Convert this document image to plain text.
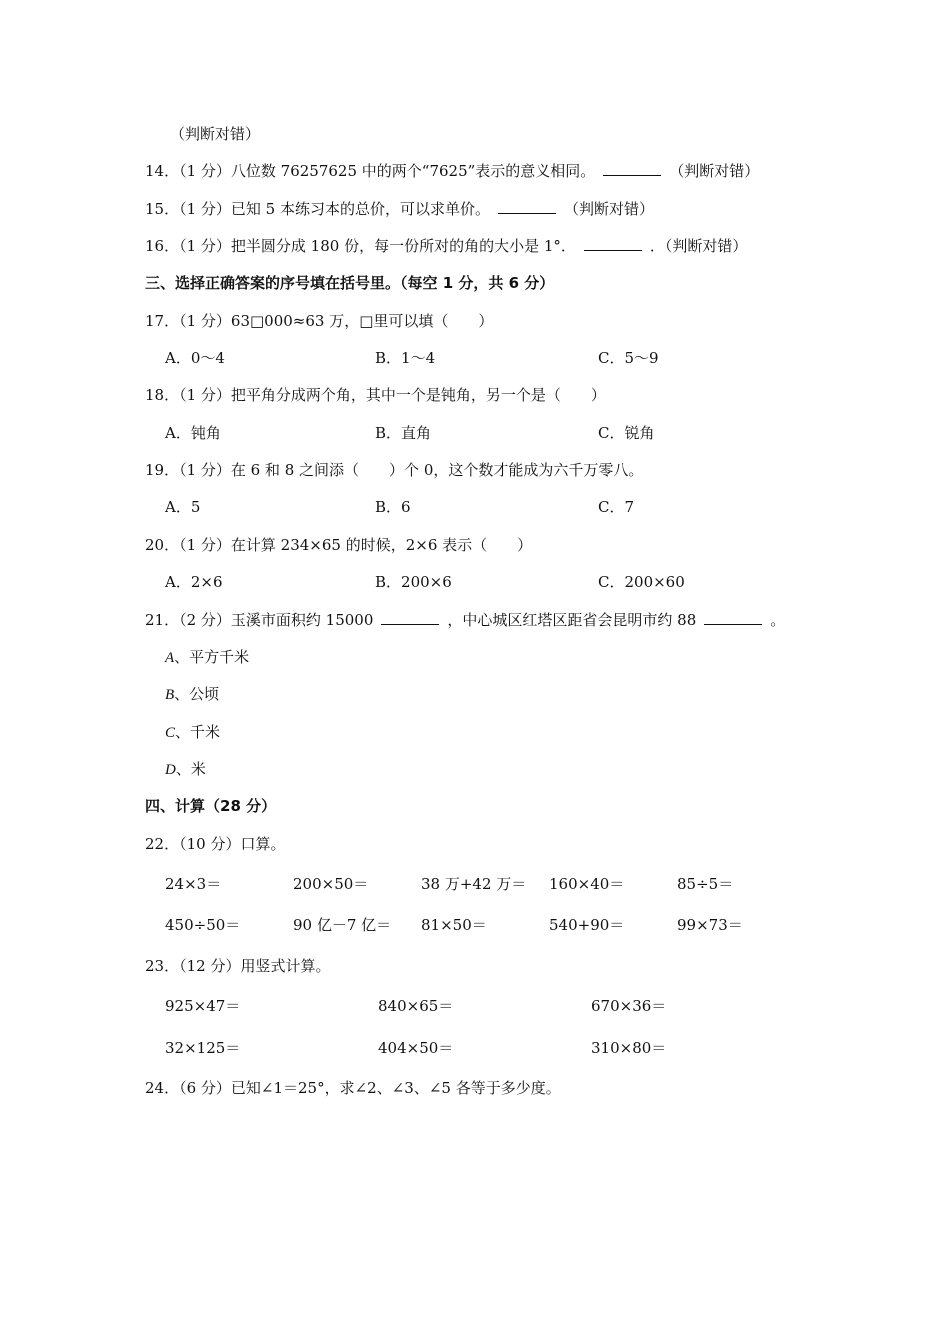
（判断对错）
14．（1 分）八位数 76257625 中的两个“7625”表示的意义相同。	（判断对错）
15．（1 分）已知 5 本练习本的总价，可以求单价。	（判断对错）
16．（1 分）把半圆分成 180 份，每一份所对的角的大小是 1°．	．（判断对错）
三、选择正确答案的序号填在括号里。（每空 1 分，共 6 分）
17．（1 分）63□000≈63 万，□里可以填（　　）
A．0～4	B．1～4	C．5～9
18．（1 分）把平角分成两个角，其中一个是钝角，另一个是（　　）
A．钝角	B．直角	C．锐角
19．（1 分）在 6 和 8 之间添（　　）个 0，这个数才能成为六千万零八。
A．5	B．6	C．7
20．（1 分）在计算 234×65 的时候，2×6 表示（　　）
A．2×6	B．200×6	C．200×60
21．（2 分）玉溪市面积约 15000	，中心城区红塔区距省会昆明市约 88	。
A、平方千米
B、公顷
C、千米
D、米
四、计算（28 分）
22．（10 分）口算。
24×3＝	200×50＝	38 万+42 万＝ 160×40＝	85÷5＝
450÷50＝	90 亿－7 亿＝ 81×50＝	540+90＝	99×73＝
23．（12 分）用竖式计算。
925×47＝	840×65＝	670×36＝
32×125＝	404×50＝	310×80＝
24．（6 分）已知∠1＝25°，求∠2、∠3、∠5 各等于多少度。
